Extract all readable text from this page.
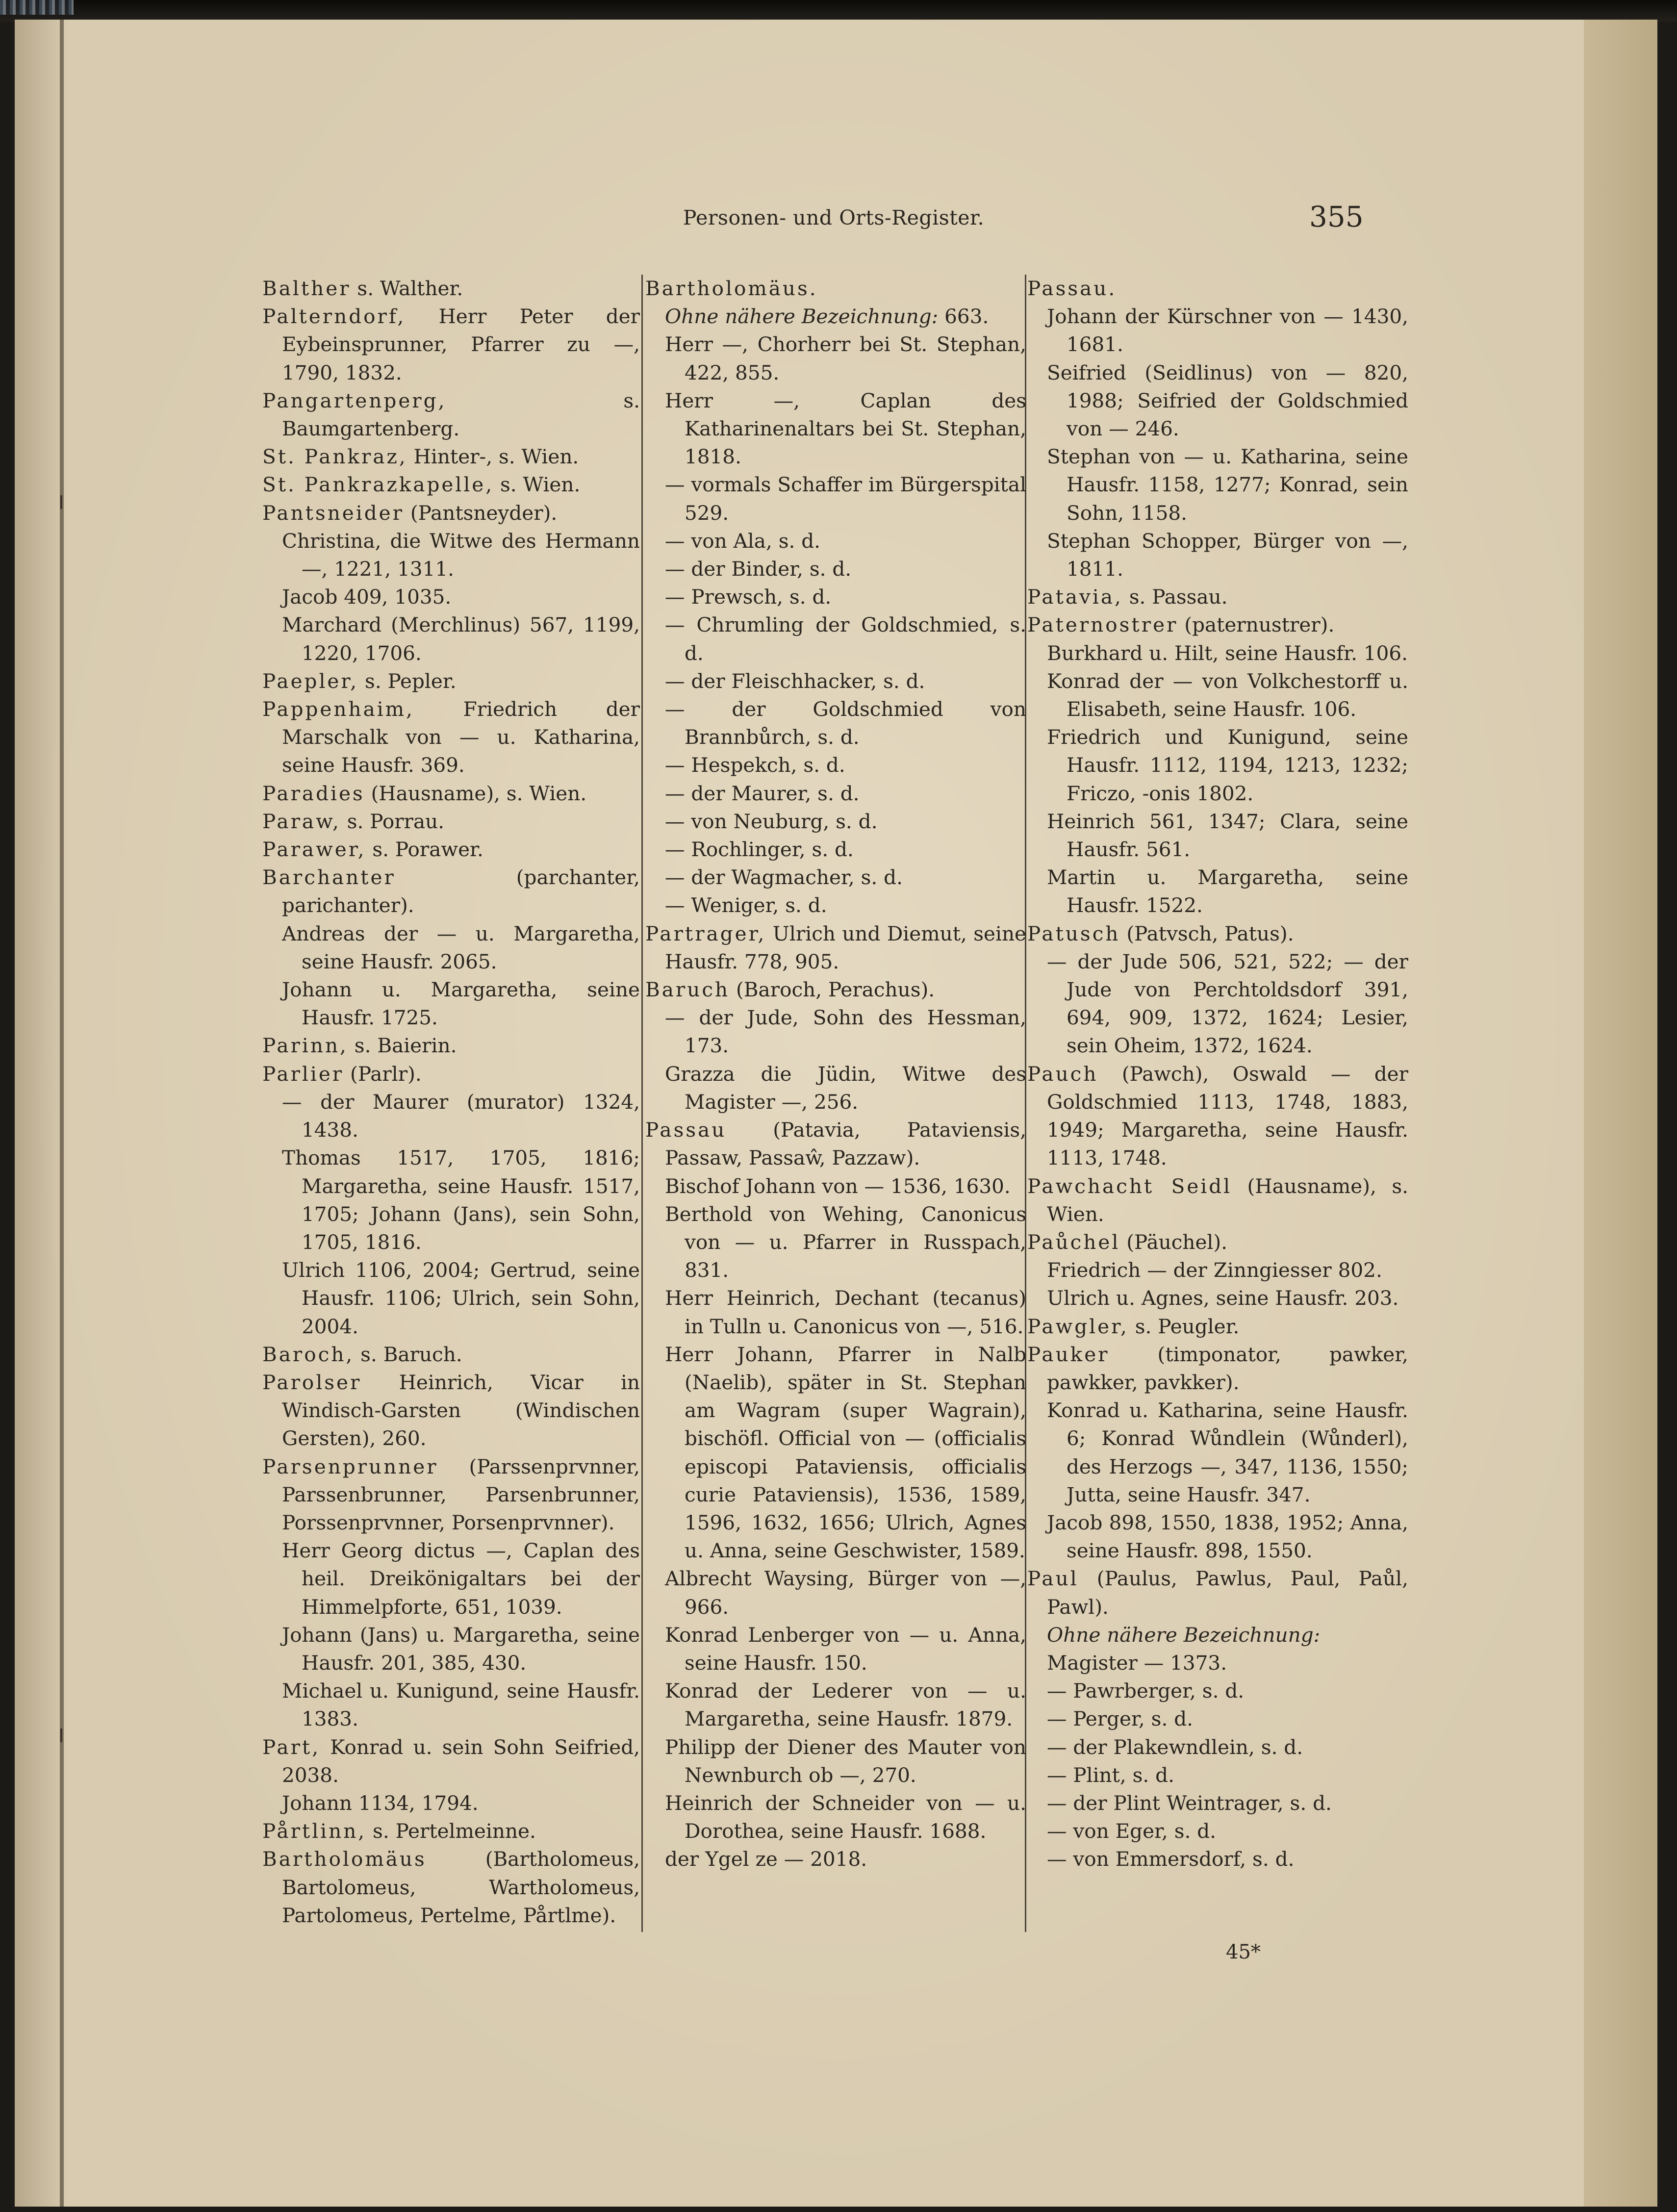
Personen- und Orts-Register.	355

Balther s. Walther.

Palterndorf, Herr Peter der Eybeinsprunner, Pfarrer zu —, 1790, 1832.

Pangartenperg, s. Baumgartenberg.

St. Pankraz, Hinter-, s. Wien.

St. Pankrazkapelle, s. Wien.

Pantsneider (Pantsneyder).

Christina, die Witwe des Hermann —, 1221, 1311.

Jacob 409, 1035.

Marchard (Merchlinus) 567, 1199, 1220, 1706.

Paepler, s. Pepler.

Pappenhaim, Friedrich der Marschalk von — u. Katharina, seine Hausfr. 369.

Paradies (Hausname), s. Wien.

Paraw, s. Porrau.

Parawer, s. Porawer.

Barchanter (parchanter, parichanter).

Andreas der — u. Margaretha, seine Hausfr. 2065.

Johann u. Margaretha, seine Hausfr. 1725.

Parinn, s. Baierin.

Parlier (Parlr).

— der Maurer (murator) 1324, 1438.

Thomas 1517, 1705, 1816; Margaretha, seine Hausfr. 1517, 1705; Johann (Jans), sein Sohn, 1705, 1816.

Ulrich 1106, 2004; Gertrud, seine Hausfr. 1106; Ulrich, sein Sohn, 2004.

Baroch, s. Baruch.

Parolser Heinrich, Vicar in Windisch-Garsten (Windischen Gersten), 260.

Parsenprunner (Parssenprvnner, Parssenbrunner, Parsenbrunner, Porssenprvnner, Porsenprvnner).

Herr Georg dictus —, Caplan des heil. Dreikönigaltars bei der Himmelpforte, 651, 1039.

Johann (Jans) u. Margaretha, seine Hausfr. 201, 385, 430.

Michael u. Kunigund, seine Hausfr. 1383.

Part, Konrad u. sein Sohn Seifried, 2038.

Johann 1134, 1794.

Pårtlinn, s. Pertelmeinne.

Bartholomäus (Bartholomeus, Bartolomeus, Wartholomeus, Partolomeus, Pertelme, Pårtlme).

Bartholomäus.

Ohne nähere Bezeichnung: 663.

Herr —, Chorherr bei St. Stephan, 422, 855.

Herr —, Caplan des Katharinenaltars bei St. Stephan, 1818.

— vormals Schaffer im Bürgerspital 529.

— von Ala, s. d.

— der Binder, s. d.

— Prewsch, s. d.

— Chrumling der Goldschmied, s. d.

— der Fleischhacker, s. d.

— der Goldschmied von Brannbůrch, s. d.

— Hespekch, s. d.

— der Maurer, s. d.

— von Neuburg, s. d.

— Rochlinger, s. d.

— der Wagmacher, s. d.

— Weniger, s. d.

Partrager, Ulrich und Diemut, seine Hausfr. 778, 905.

Baruch (Baroch, Perachus).

— der Jude, Sohn des Hessman, 173.

Grazza die Jüdin, Witwe des Magister —, 256.

Passau (Patavia, Pataviensis, Passaw, Passaŵ, Pazzaw).

Bischof Johann von — 1536, 1630.

Berthold von Wehing, Canonicus von — u. Pfarrer in Russpach, 831.

Herr Heinrich, Dechant (tecanus) in Tulln u. Canonicus von —, 516.

Herr Johann, Pfarrer in Nalb (Naelib), später in St. Stephan am Wagram (super Wagrain), bischöfl. Official von — (officialis episcopi Pataviensis, officialis curie Pataviensis), 1536, 1589, 1596, 1632, 1656; Ulrich, Agnes u. Anna, seine Geschwister, 1589.

Albrecht Waysing, Bürger von —, 966.

Konrad Lenberger von — u. Anna, seine Hausfr. 150.

Konrad der Lederer von — u. Margaretha, seine Hausfr. 1879.

Philipp der Diener des Mauter von Newnburch ob —, 270.

Heinrich der Schneider von — u. Dorothea, seine Hausfr. 1688.

der Ygel ze — 2018.

Passau.

Johann der Kürschner von — 1430, 1681.

Seifried (Seidlinus) von — 820, 1988; Seifried der Goldschmied von — 246.

Stephan von — u. Katharina, seine Hausfr. 1158, 1277; Konrad, sein Sohn, 1158.

Stephan Schopper, Bürger von —, 1811.

Patavia, s. Passau.

Paternostrer (paternustrer).

Burkhard u. Hilt, seine Hausfr. 106.

Konrad der — von Volkchestorff u. Elisabeth, seine Hausfr. 106.

Friedrich und Kunigund, seine Hausfr. 1112, 1194, 1213, 1232; Friczo, -onis 1802.

Heinrich 561, 1347; Clara, seine Hausfr. 561.

Martin u. Margaretha, seine Hausfr. 1522.

Patusch (Patvsch, Patus).

— der Jude 506, 521, 522; — der Jude von Perchtoldsdorf 391, 694, 909, 1372, 1624; Lesier, sein Oheim, 1372, 1624.

Pauch (Pawch), Oswald — der Goldschmied 1113, 1748, 1883, 1949; Margaretha, seine Hausfr. 1113, 1748.

Pawchacht Seidl (Hausname), s. Wien.

Paůchel (Päuchel).

Friedrich — der Zinngiesser 802.

Ulrich u. Agnes, seine Hausfr. 203.

Pawgler, s. Peugler.

Pauker (timponator, pawker, pawkker, pavkker).

Konrad u. Katharina, seine Hausfr. 6; Konrad Wůndlein (Wůnderl), des Herzogs —, 347, 1136, 1550; Jutta, seine Hausfr. 347.

Jacob 898, 1550, 1838, 1952; Anna, seine Hausfr. 898, 1550.

Paul (Paulus, Pawlus, Paul, Paůl, Pawl).

Ohne nähere Bezeichnung:

Magister — 1373.

— Pawrberger, s. d.

— Perger, s. d.

— der Plakewndlein, s. d.

— Plint, s. d.

— der Plint Weintrager, s. d.

— von Eger, s. d.

— von Emmersdorf, s. d.

45*
